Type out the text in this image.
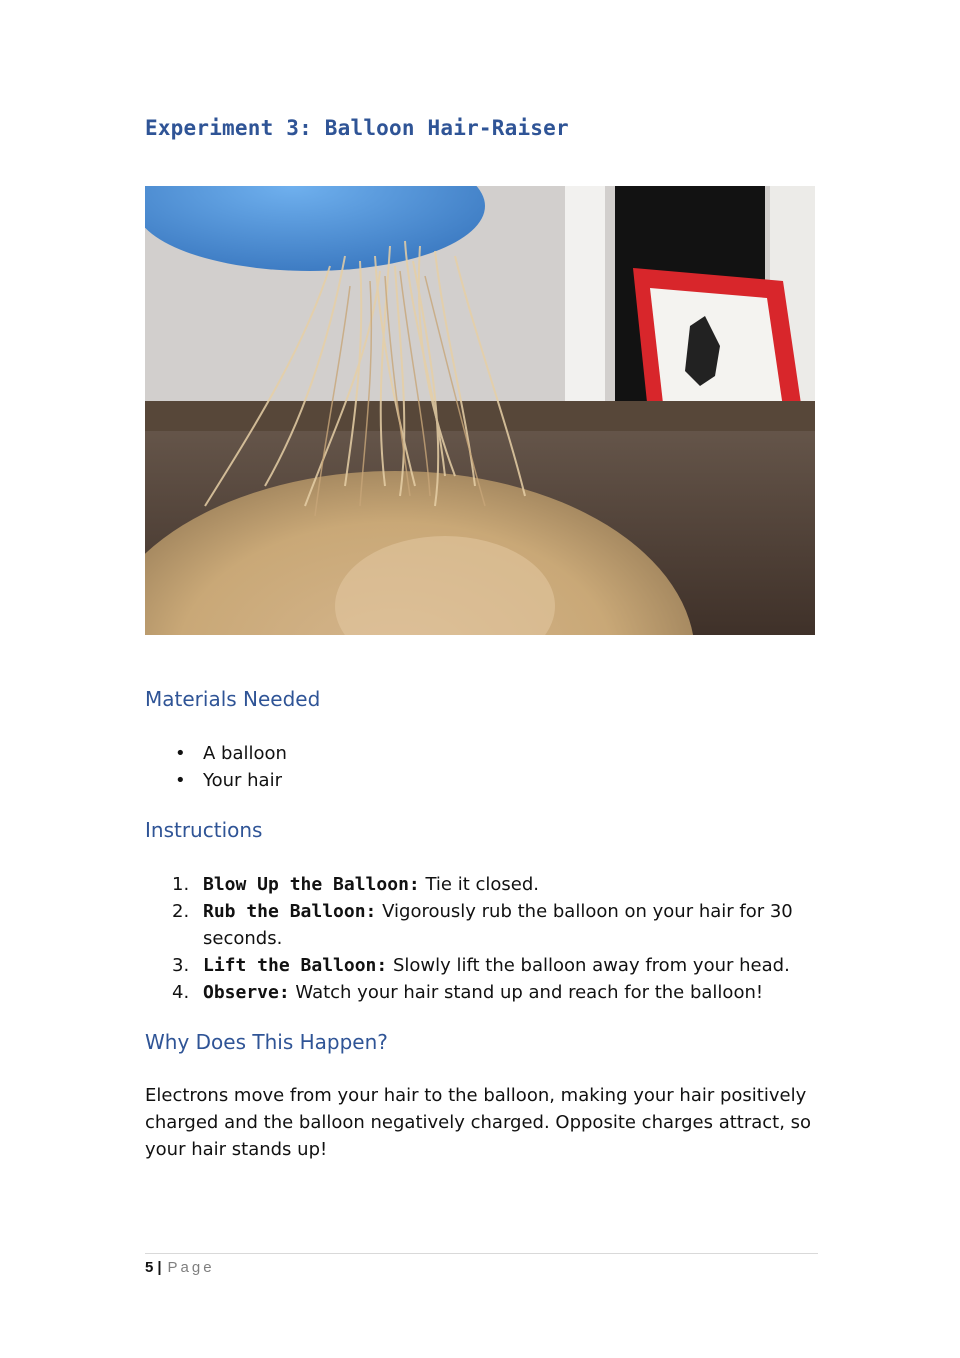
Experiment 3: Balloon Hair-Raiser
Materials Needed
• A balloon
• Your hair
Instructions
1. Blow Up the Balloon: Tie it closed.
2. Rub the Balloon: Vigorously rub the balloon on your hair for 30 seconds.
3. Lift the Balloon: Slowly lift the balloon away from your head.
4. Observe: Watch your hair stand up and reach for the balloon!
Why Does This Happen?

Electrons move from your hair to the balloon, making your hair positively charged and the balloon negatively charged. Opposite charges attract, so your hair stands up!

5 | Page
